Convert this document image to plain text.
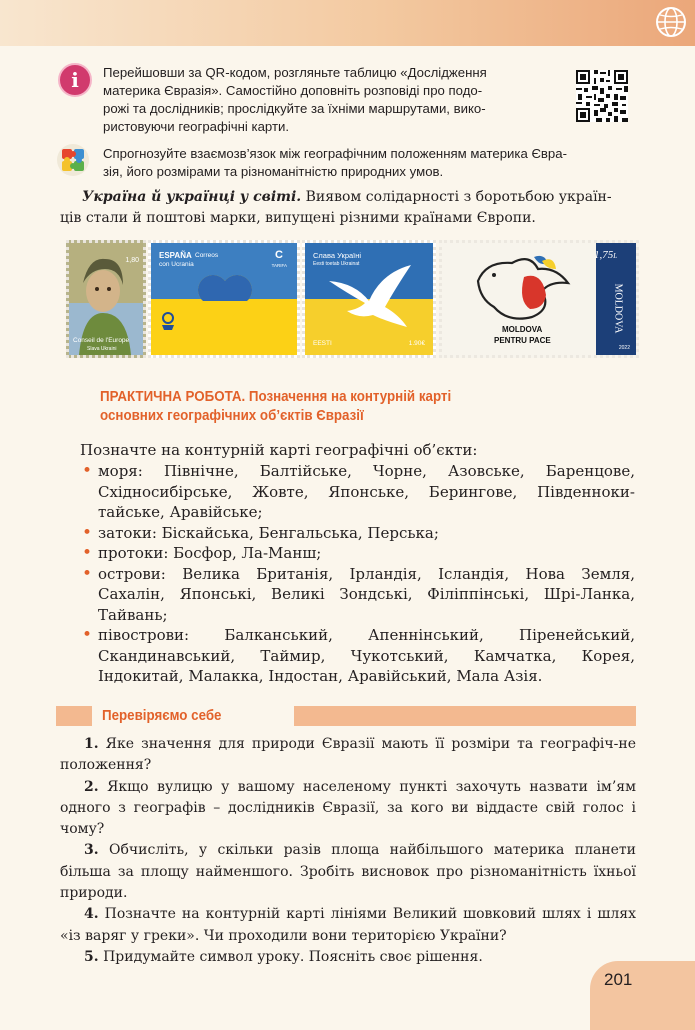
i	Перейшовши за QR-кодом, розгляньте таблицю «Дослідження
материка Євразія». Самостійно доповніть розповіді про подо-
рожі та дослідників; прослідкуйте за їхніми маршрутами, вико-
ристовуючи географічні карти.
Спрогнозуйте взаємозв’язок між географічним положенням материка Євра-
зія, його розмірами та різноманітністю природних умов.
Україна й українці у світі. Виявом солідарності з боротьбою україн-
ців стали й поштові марки, випущені різними країнами Європи.
1,80
Conseil de l'Europe
Slava Ukraini
ESPAÑA Correos
con Ucrania
C
TARIFA
Слава Україні
Eesti toetab Ukrainat
EESTI	1.90€
MOLDOVA
PENTRU PACE
1,75L
MOLDOVA
2022
ПРАКТИЧНА РОБОТА. Позначення на контурній карті
основних географічних об’єктів Євразії
Позначте на контурній карті географічні об’єкти:
• моря: Північне, Балтійське, Чорне, Азовське, Баренцове, Східносибірське, Жовте, Японське, Берингове, Південноки-тайське, Аравійське;
• затоки: Біскайська, Бенгальська, Перська;
• протоки: Босфор, Ла-Манш;
• острови: Велика Британія, Ірландія, Ісландія, Нова Земля, Сахалін, Японські, Великі Зондські, Філіппінські, Шрі-Ланка, Тайвань;
• півострови: Балканський, Апеннінський, Піренейський, Скандинавський, Таймир, Чукотський, Камчатка, Корея, Індокитай, Малакка, Індостан, Аравійський, Мала Азія.
Перевіряємо себе

1. Яке значення для природи Євразії мають її розміри та географіч-не положення?

2. Якщо вулицю у вашому населеному пункті захочуть назвати ім’ям одного з географів – дослідників Євразії, за кого ви віддасте свій голос і чому?

3. Обчисліть, у скільки разів площа найбільшого материка планети більша за площу найменшого. Зробіть висновок про різноманітність їхньої природи.

4. Позначте на контурній карті лініями Великий шовковий шлях і шлях «із варяг у греки». Чи проходили вони територією України?

5. Придумайте символ уроку. Поясніть своє рішення.

201
